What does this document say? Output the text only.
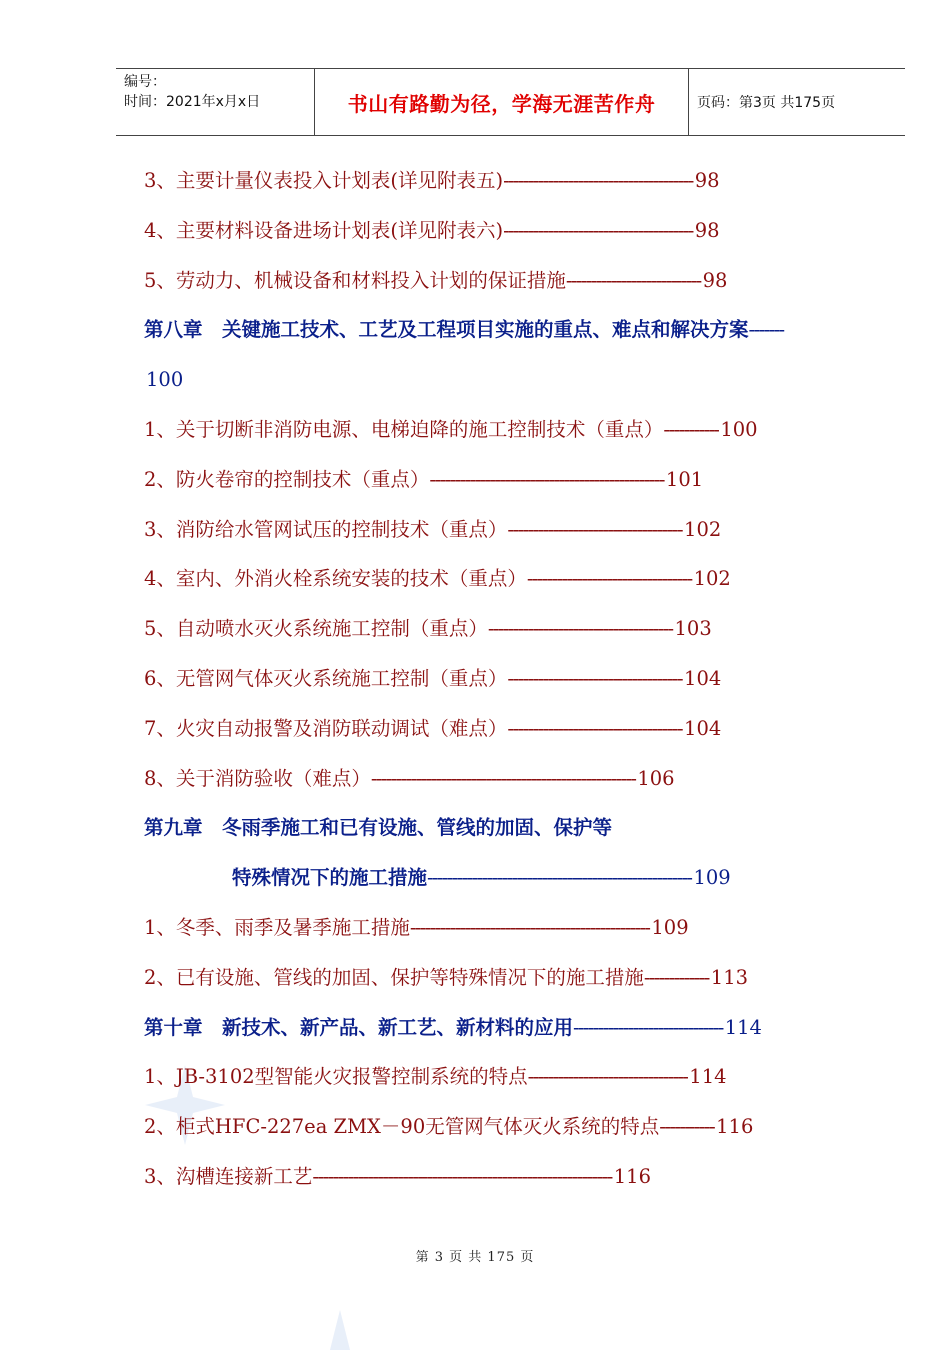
编号：
时间：2021年x月x日	书山有路勤为径，学海无涯苦作舟	页码：第3页 共175页
3、主要计量仪表投入计划表(详见附表五)-------------------------------------- 98
4、主要材料设备进场计划表(详见附表六)-------------------------------------- 98
5、劳动力、机械设备和材料投入计划的保证措施--------------------------- 98
第八章　关键施工技术、工艺及工程项目实施的重点、难点和解决方案-------
100
1、关于切断非消防电源、电梯迫降的施工控制技术（重点）----------- 100
2、防火卷帘的控制技术（重点）----------------------------------------------- 101
3、消防给水管网试压的控制技术（重点）----------------------------------- 102
4、室内、外消火栓系统安装的技术（重点）--------------------------------- 102
5、自动喷水灭火系统施工控制（重点）------------------------------------- 103
6、无管网气体灭火系统施工控制（重点）----------------------------------- 104
7、火灾自动报警及消防联动调试（难点）----------------------------------- 104
8、关于消防验收（难点）----------------------------------------------------- 106
第九章　冬雨季施工和已有设施、管线的加固、保护等
特殊情况下的施工措施----------------------------------------------------- 109
1、冬季、雨季及暑季施工措施------------------------------------------------ 109
2、已有设施、管线的加固、保护等特殊情况下的施工措施------------- 113
第十章　新技术、新产品、新工艺、新材料的应用------------------------------ 114
1、JB-3102型智能火灾报警控制系统的特点-------------------------------- 114
2、柜式HFC-227ea ZMX－90无管网气体灭火系统的特点----------- 116
3、沟槽连接新工艺------------------------------------------------------------ 116
第 3 页 共 175 页
